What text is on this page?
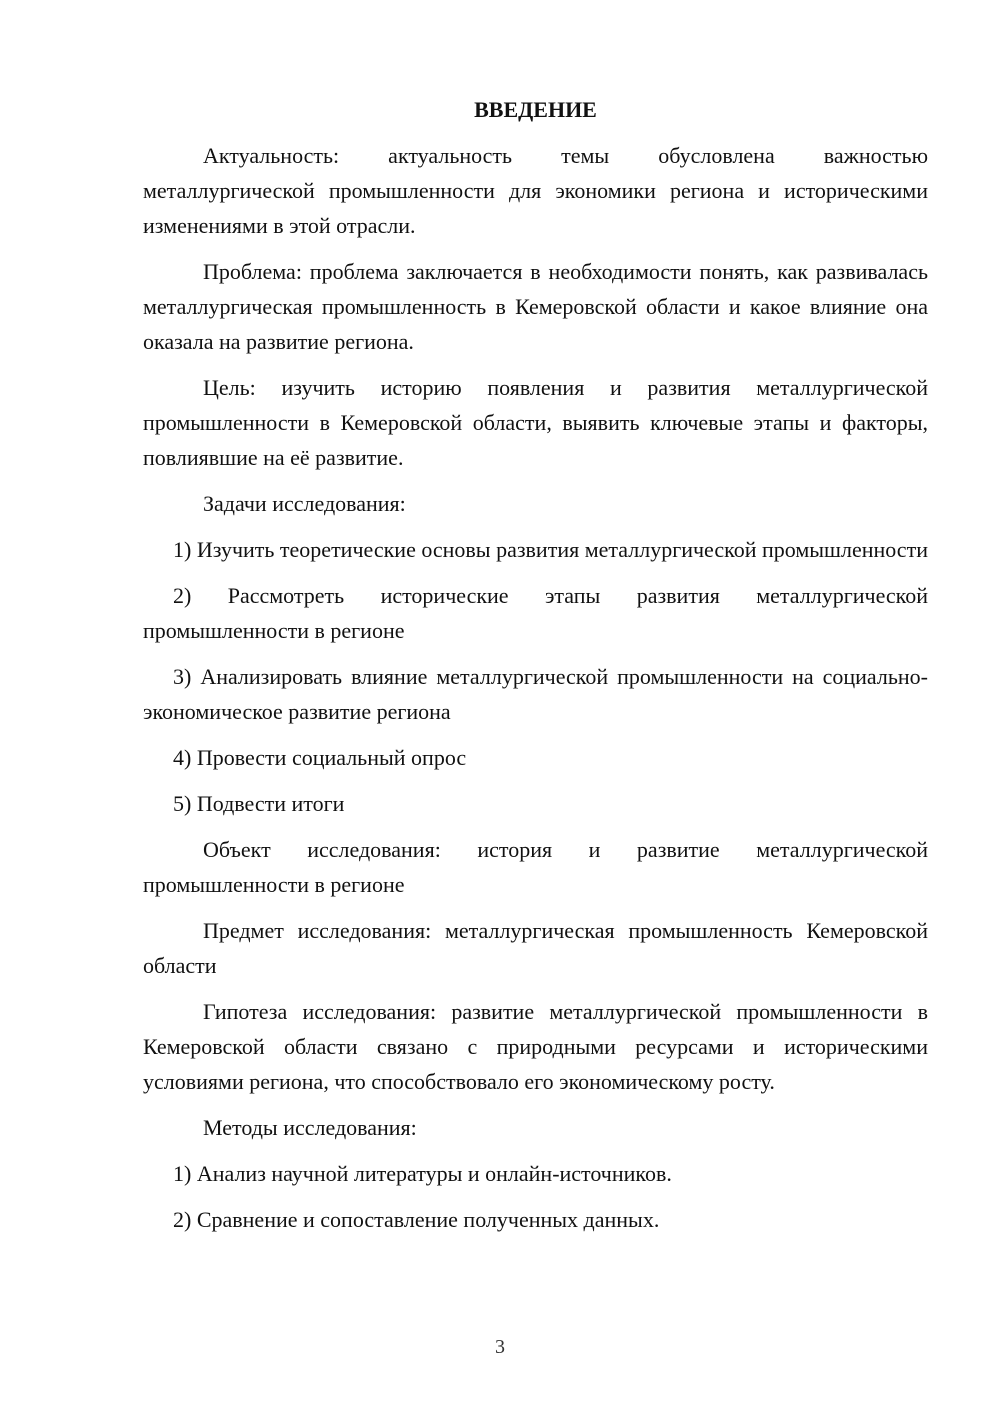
ВВЕДЕНИЕ

Актуальность: актуальность темы обусловлена важностью металлургической промышленности для экономики региона и историческими изменениями в этой отрасли.

Проблема: проблема заключается в необходимости понять, как развивалась металлургическая промышленность в Кемеровской области и какое влияние она оказала на развитие региона.

Цель: изучить историю появления и развития металлургической промышленности в Кемеровской области, выявить ключевые этапы и факторы, повлиявшие на её развитие.

Задачи исследования:

1) Изучить теоретические основы развития металлургической промышленности

2) Рассмотреть исторические этапы развития металлургической промышленности в регионе

3) Анализировать влияние металлургической промышленности на социально-экономическое развитие региона

4) Провести социальный опрос

5) Подвести итоги

Объект исследования: история и развитие металлургической промышленности в регионе

Предмет исследования: металлургическая промышленность Кемеровской области

Гипотеза исследования: развитие металлургической промышленности в Кемеровской области связано с природными ресурсами и историческими условиями региона, что способствовало его экономическому росту.

Методы исследования:

1) Анализ научной литературы и онлайн-источников.

2) Сравнение и сопоставление полученных данных.

3
